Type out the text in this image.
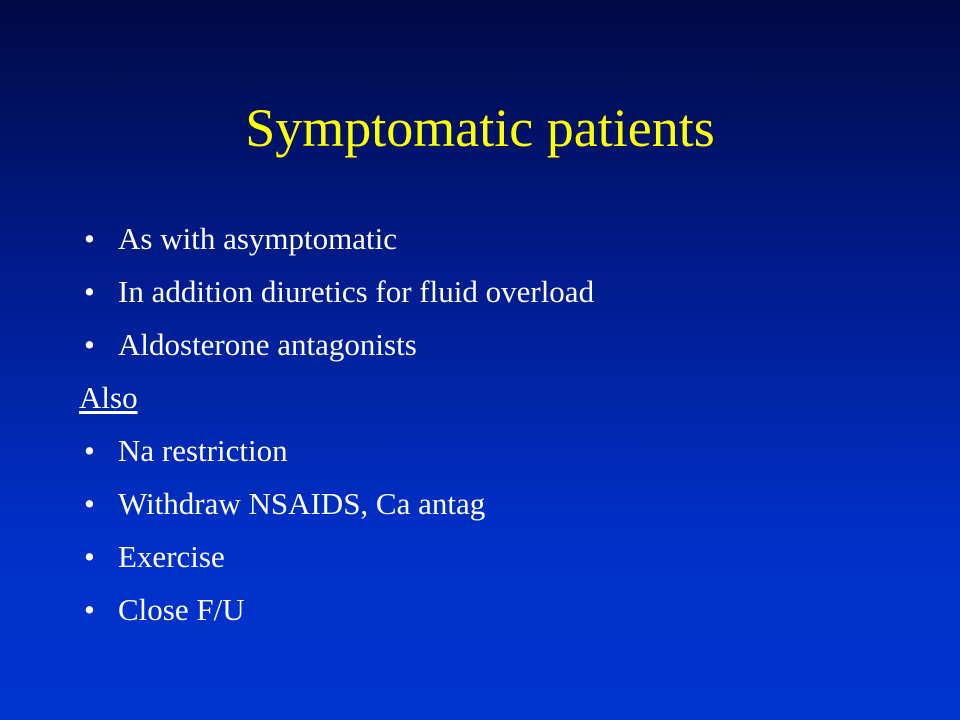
Symptomatic patients
• As with asymptomatic
• In addition diuretics for fluid overload
• Aldosterone antagonists
Also
• Na restriction
• Withdraw NSAIDS, Ca antag
• Exercise
• Close F/U
